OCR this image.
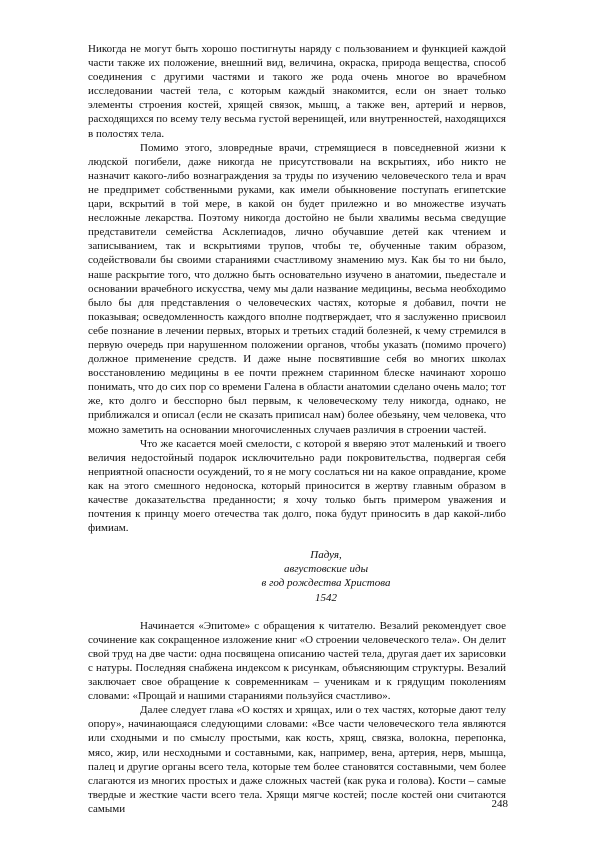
Никогда не могут быть хорошо постигнуты наряду с пользованием и функцией каждой части также их положение, внешний вид, величина, окраска, природа вещества, способ соединения с другими частями и такого же рода очень многое во врачебном исследовании частей тела, с которым каждый знакомится, если он знает только элементы строения костей, хрящей связок, мышц, а также вен, артерий и нервов, расходящихся по всему телу весьма густой веренищей, или внутренностей, находящихся в полостях тела.

Помимо этого, зловредные врачи, стремящиеся в повседневной жизни к людской погибели, даже никогда не присутствовали на вскрытиях, ибо никто не назначит какого-либо вознаграждения за труды по изучению человеческого тела и врач не предпримет собственными руками, как имели обыкновение поступать египетские цари, вскрытий в той мере, в какой он будет прилежно и во множестве изучать несложные лекарства. Поэтому никогда достойно не были хвалимы весьма сведущие представители семейства Асклепиадов, лично обучавшие детей как чтением и записыванием, так и вскрытиями трупов, чтобы те, обученные таким образом, содействовали бы своими стараниями счастливому знамению муз. Как бы то ни было, наше раскрытие того, что должно быть основательно изучено в анатомии, пьедестале и основании врачебного искусства, чему мы дали название медицины, весьма необходимо было бы для представления о человеческих частях, которые я добавил, почти не показывая; осведомленность каждого вполне подтверждает, что я заслуженно присвоил себе познание в лечении первых, вторых и третьих стадий болезней, к чему стремился в первую очередь при нарушенном положении органов, чтобы указать (помимо прочего) должное применение средств. И даже ныне посвятившие себя во многих школах восстановлению медицины в ее почти прежнем старинном блеске начинают хорошо понимать, что до сих пор со времени Галена в области анатомии сделано очень мало; тот же, кто долго и бесспорно был первым, к человеческому телу никогда, однако, не приближался и описал (если не сказать приписал нам) более обезьяну, чем человека, что можно заметить на основании многочисленных случаев различия в строении частей.

Что же касается моей смелости, с которой я вверяю этот маленький и твоего величия недостойный подарок исключительно ради покровительства, подвергая себя неприятной опасности осуждений, то я не могу сослаться ни на какое оправдание, кроме как на этого смешного недоноска, который приносится в жертву главным образом в качестве доказательства преданности; я хочу только быть примером уважения и почтения к принцу моего отечества так долго, пока будут приносить в дар какой-либо фимиам.

Падуя,
августовские иды
в год рождества Христова
1542

Начинается «Эпитоме» с обращения к читателю. Везалий рекомендует свое сочинение как сокращенное изложение книг «О строении человеческого тела». Он делит свой труд на две части: одна посвящена описанию частей тела, другая дает их зарисовки с натуры. Последняя снабжена индексом к рисункам, объясняющим структуры. Везалий заключает свое обращение к современникам – ученикам и к грядущим поколениям словами: «Прощай и нашими стараниями пользуйся счастливо».

Далее следует глава «О костях и хрящах, или о тех частях, которые дают телу опору», начинающаяся следующими словами: «Все части человеческого тела являются или сходными и по смыслу простыми, как кость, хрящ, связка, волокна, перепонка, мясо, жир, или несходными и составными, как, например, вена, артерия, нерв, мышца, палец и другие органы всего тела, которые тем более становятся составными, чем более слагаются из многих простых и даже сложных частей (как рука и голова). Кости – самые твердые и жесткие части всего тела. Хрящи мягче костей; после костей они считаются самыми	248
